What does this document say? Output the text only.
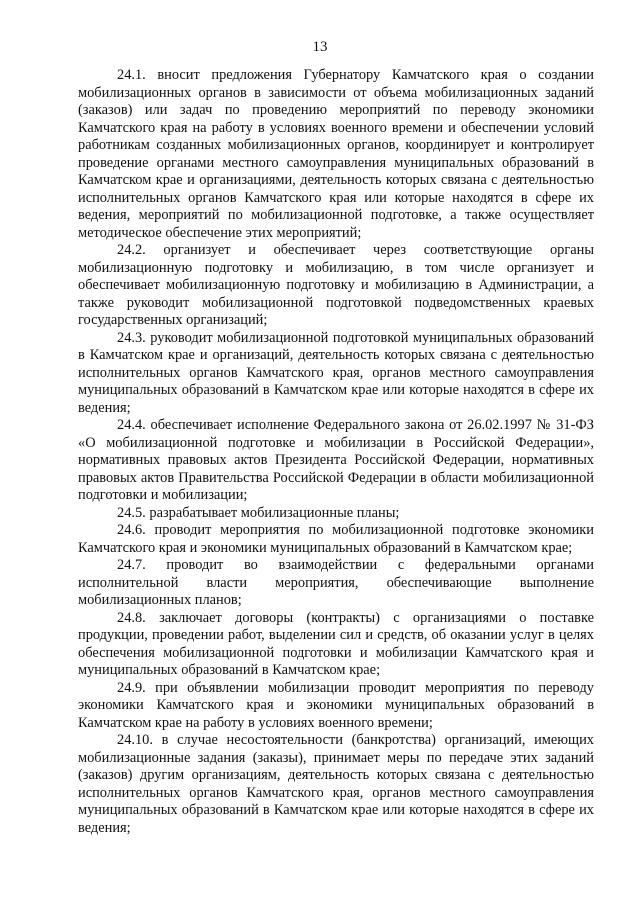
13

24.1. вносит предложения Губернатору Камчатского края о создании мобилизационных органов в зависимости от объема мобилизационных заданий (заказов) или задач по проведению мероприятий по переводу экономики Камчатского края на работу в условиях военного времени и обеспечении условий работникам созданных мобилизационных органов, координирует и контролирует проведение органами местного самоуправления муниципальных образований в Камчатском крае и организациями, деятельность которых связана с деятельностью исполнительных органов Камчатского края или которые находятся в сфере их ведения, мероприятий по мобилизационной подготовке, а также осуществляет методическое обеспечение этих мероприятий;

24.2. организует и обеспечивает через соответствующие органы мобилизационную подготовку и мобилизацию, в том числе организует и обеспечивает мобилизационную подготовку и мобилизацию в Администрации, а также руководит мобилизационной подготовкой подведомственных краевых государственных организаций;

24.3. руководит мобилизационной подготовкой муниципальных образований в Камчатском крае и организаций, деятельность которых связана с деятельностью исполнительных органов Камчатского края, органов местного самоуправления муниципальных образований в Камчатском крае или которые находятся в сфере их ведения;

24.4. обеспечивает исполнение Федерального закона от 26.02.1997 № 31-ФЗ «О мобилизационной подготовке и мобилизации в Российской Федерации», нормативных правовых актов Президента Российской Федерации, нормативных правовых актов Правительства Российской Федерации в области мобилизационной подготовки и мобилизации;

24.5. разрабатывает мобилизационные планы;

24.6. проводит мероприятия по мобилизационной подготовке экономики Камчатского края и экономики муниципальных образований в Камчатском крае;

24.7. проводит во взаимодействии с федеральными органами исполнительной власти мероприятия, обеспечивающие выполнение мобилизационных планов;

24.8. заключает договоры (контракты) с организациями о поставке продукции, проведении работ, выделении сил и средств, об оказании услуг в целях обеспечения мобилизационной подготовки и мобилизации Камчатского края и муниципальных образований в Камчатском крае;

24.9. при объявлении мобилизации проводит мероприятия по переводу экономики Камчатского края и экономики муниципальных образований в Камчатском крае на работу в условиях военного времени;

24.10. в случае несостоятельности (банкротства) организаций, имеющих мобилизационные задания (заказы), принимает меры по передаче этих заданий (заказов) другим организациям, деятельность которых связана с деятельностью исполнительных органов Камчатского края, органов местного самоуправления муниципальных образований в Камчатском крае или которые находятся в сфере их ведения;
